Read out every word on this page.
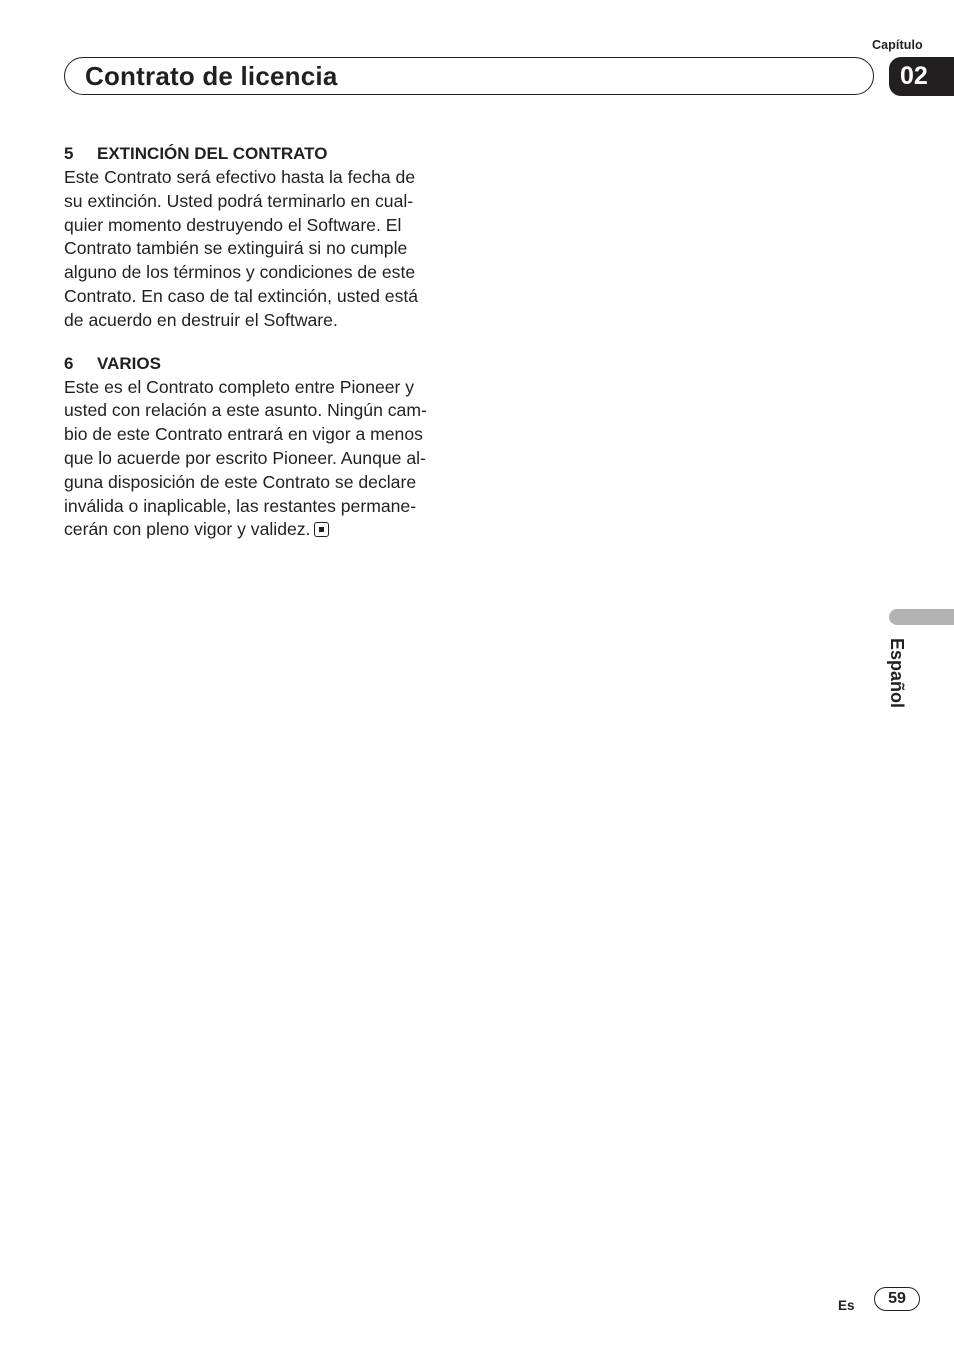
Capítulo
02
Contrato de licencia
5 EXTINCIÓN DEL CONTRATO
Este Contrato será efectivo hasta la fecha de
su extinción. Usted podrá terminarlo en cual-
quier momento destruyendo el Software. El
Contrato también se extinguirá si no cumple
alguno de los términos y condiciones de este
Contrato. En caso de tal extinción, usted está
de acuerdo en destruir el Software.
6 VARIOS
Este es el Contrato completo entre Pioneer y
usted con relación a este asunto. Ningún cam-
bio de este Contrato entrará en vigor a menos
que lo acuerde por escrito Pioneer. Aunque al-
guna disposición de este Contrato se declare
inválida o inaplicable, las restantes permane-
cerán con pleno vigor y validez.
Español
Es	59
